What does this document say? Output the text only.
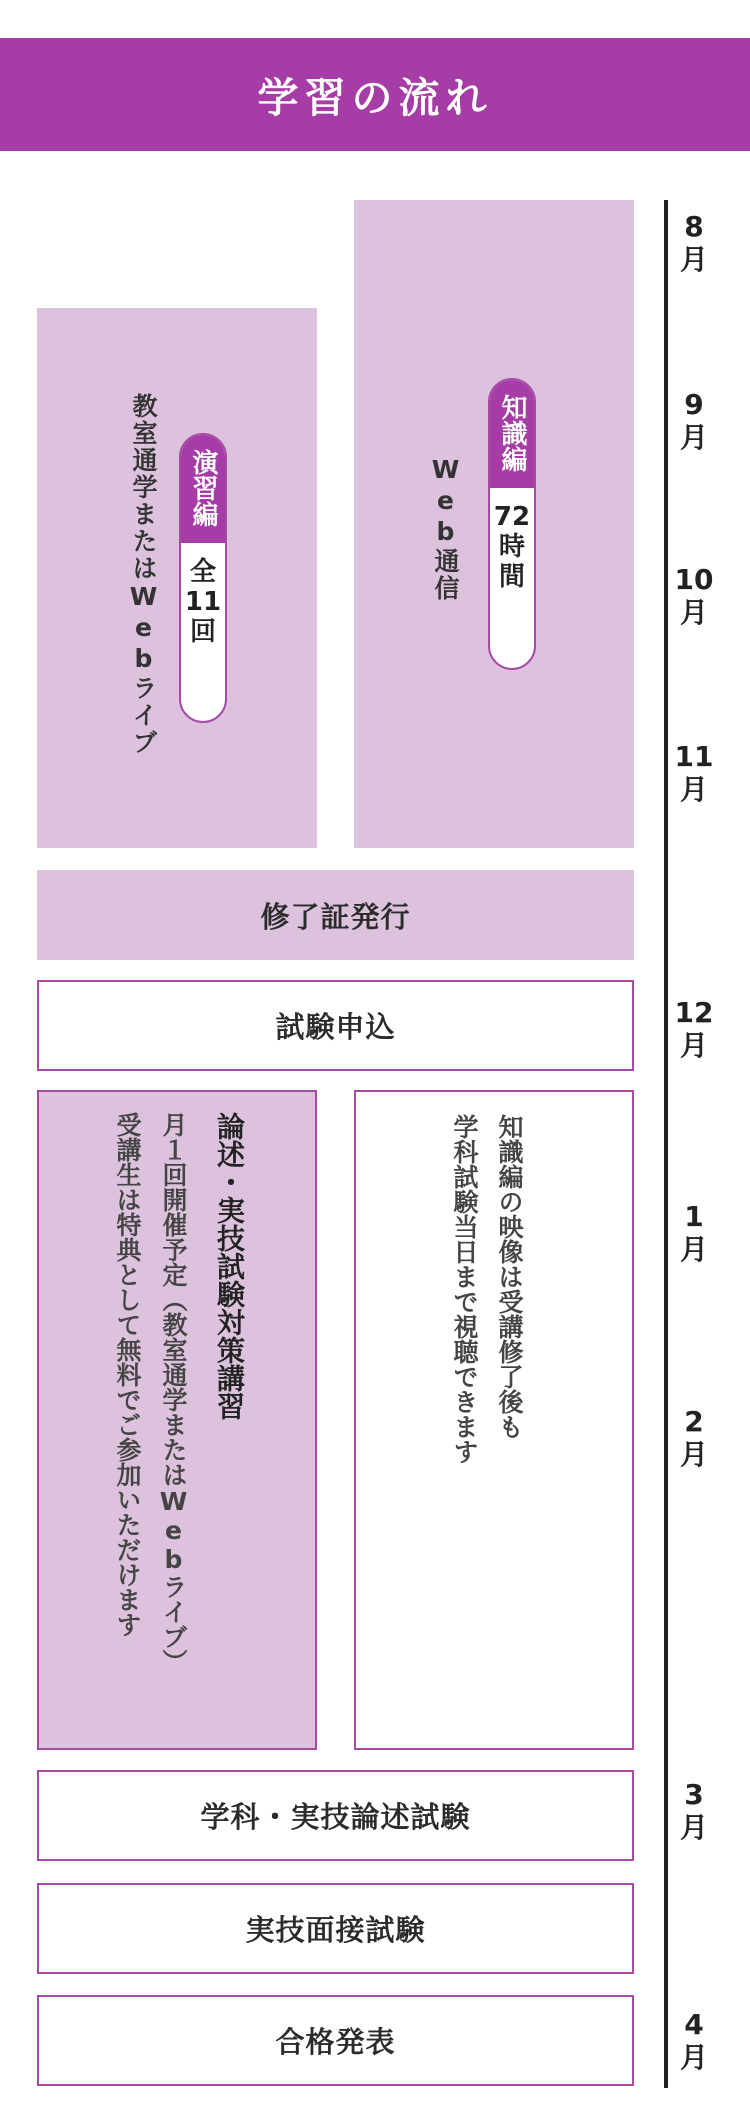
学習の流れ
8
月
9
月
10
月
11
月
12
月
1
月
2
月
3
月
4
月
教室通学またはWebライブ 演習編
全
11
回
Web通信
知識編
72
時
間
修了証発行
試験申込
論述・実技試験対策講習
月１回開催予定（教室通学またはWebライブ）
受講生は特典として無料でご参加いただけます	知識編の映像は受講修了後も
学科試験当日まで視聴できます
学科・実技論述試験
実技面接試験
合格発表
